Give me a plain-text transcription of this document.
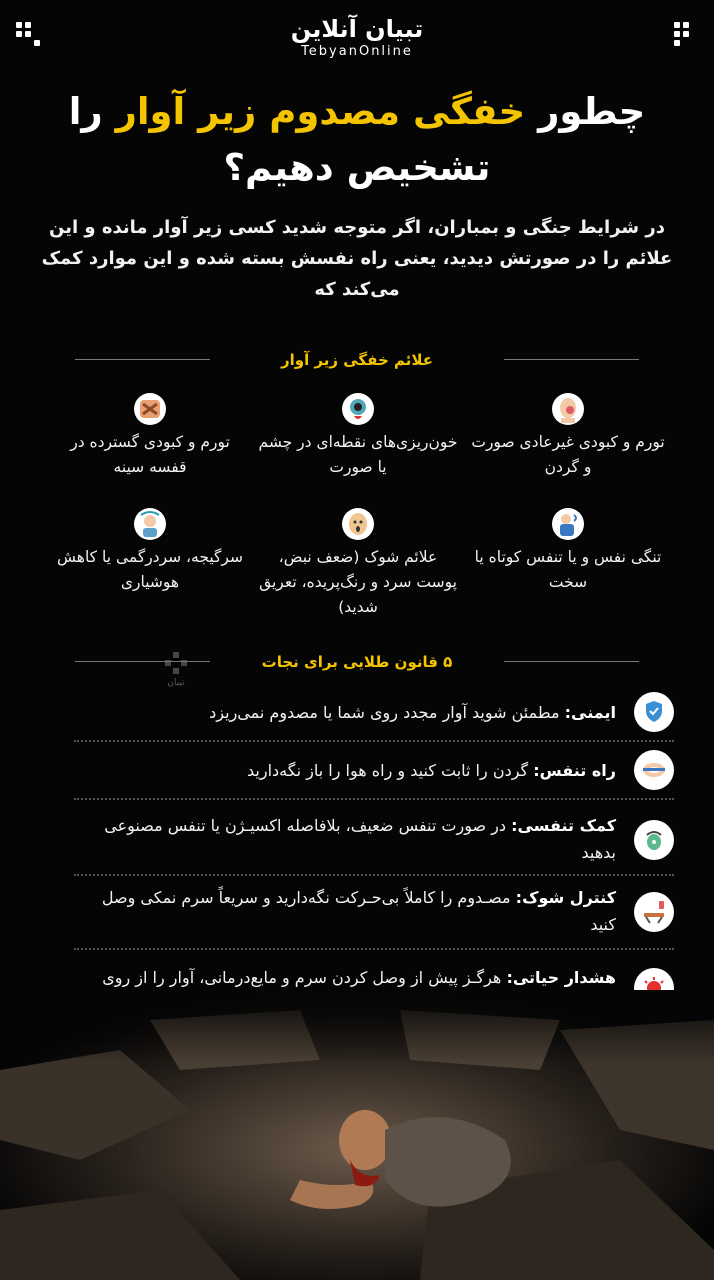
تبیان آنلاین
TebyanOnline
چطور خفگی مصدوم زیر آوار را
تشخیص دهیم؟
در شرایط جنگی و بمباران، اگر متوجه شدید کسی زیر آوار مانده و این علائم را در صورتش دیدید، یعنی راه نفسش بسته شده و این موارد کمک می‌کند که
علائم خفگی زیر آوار
تورم و کبودی غیرعادی صورت و گردن
خون‌ریزی‌های نقطه‌ای در چشم یا صورت
تورم و کبودی گسترده در قفسه سینه
تنگی نفس و یا تنفس کوتاه یا سخت
علائم شوک (ضعف نبض، پوست سرد و رنگ‌پریده، تعریق شدید)
سرگیجه، سردرگمی یا کاهش هوشیاری
تبیان
۵ قانون طلایی برای نجات
ایمنی: مطمئن شوید آوار مجدد روی شما یا مصدوم نمی‌ریزد
راه تنفس: گردن را ثابت کنید و راه هوا را باز نگه‌دارید
کمک تنفسی: در صورت تنفس ضعیف، بلافاصله اکسیـژن یا تنفس مصنوعی بدهید
کنترل شوک: مصـدوم را کاملاً بی‌حـرکت نگه‌دارید و سریعاً سرم نمکی وصل کنید
هشدار حیاتی: هرگـز پیش از وصل کردن سرم و مایع‌درمانی، آوار را از روی
